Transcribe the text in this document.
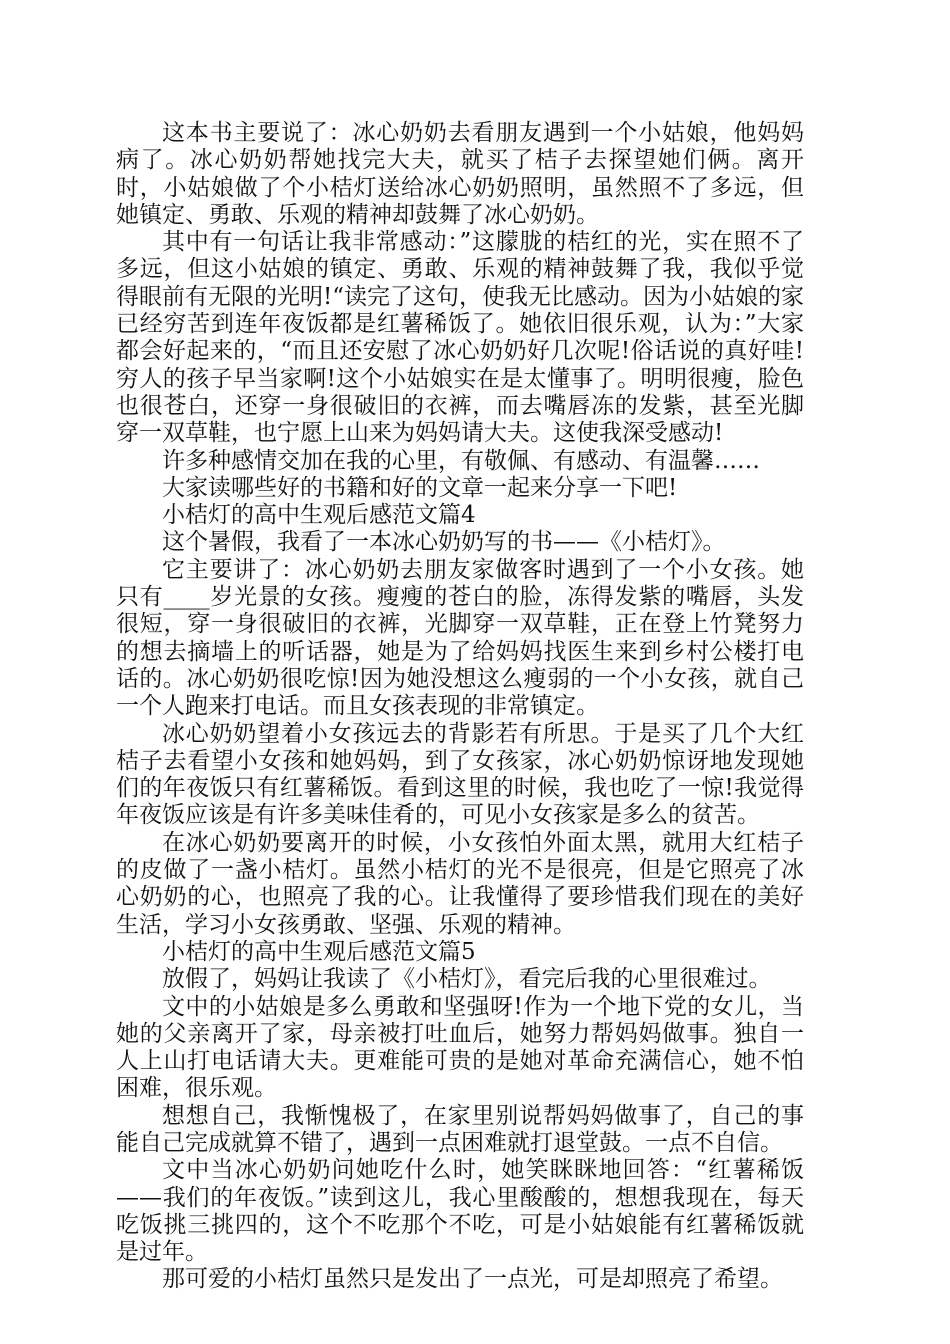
这本书主要说了：冰心奶奶去看朋友遇到一个小姑娘，他妈妈病了。冰心奶奶帮她找完大夫，就买了桔子去探望她们俩。离开时，小姑娘做了个小桔灯送给冰心奶奶照明，虽然照不了多远，但她镇定、勇敢、乐观的精神却鼓舞了冰心奶奶。

其中有一句话让我非常感动：”这朦胧的桔红的光，实在照不了多远，但这小姑娘的镇定、勇敢、乐观的精神鼓舞了我，我似乎觉得眼前有无限的光明!“读完了这句，使我无比感动。因为小姑娘的家已经穷苦到连年夜饭都是红薯稀饭了。她依旧很乐观，认为：”大家都会好起来的，“而且还安慰了冰心奶奶好几次呢!俗话说的真好哇!穷人的孩子早当家啊!这个小姑娘实在是太懂事了。明明很瘦，脸色也很苍白，还穿一身很破旧的衣裤，而去嘴唇冻的发紫，甚至光脚穿一双草鞋，也宁愿上山来为妈妈请大夫。这使我深受感动!

许多种感情交加在我的心里，有敬佩、有感动、有温馨……

大家读哪些好的书籍和好的文章一起来分享一下吧!

小桔灯的高中生观后感范文篇4

这个暑假，我看了一本冰心奶奶写的书——《小桔灯》。

它主要讲了：冰心奶奶去朋友家做客时遇到了一个小女孩。她只有____岁光景的女孩。瘦瘦的苍白的脸，冻得发紫的嘴唇，头发很短，穿一身很破旧的衣裤，光脚穿一双草鞋，正在登上竹凳努力的想去摘墙上的听话器，她是为了给妈妈找医生来到乡村公楼打电话的。冰心奶奶很吃惊!因为她没想这么瘦弱的一个小女孩，就自己一个人跑来打电话。而且女孩表现的非常镇定。

冰心奶奶望着小女孩远去的背影若有所思。于是买了几个大红桔子去看望小女孩和她妈妈，到了女孩家，冰心奶奶惊讶地发现她们的年夜饭只有红薯稀饭。看到这里的时候，我也吃了一惊!我觉得年夜饭应该是有许多美味佳肴的，可见小女孩家是多么的贫苦。

在冰心奶奶要离开的时候，小女孩怕外面太黑，就用大红桔子的皮做了一盏小桔灯。虽然小桔灯的光不是很亮，但是它照亮了冰心奶奶的心，也照亮了我的心。让我懂得了要珍惜我们现在的美好生活，学习小女孩勇敢、坚强、乐观的精神。

小桔灯的高中生观后感范文篇5

放假了，妈妈让我读了《小桔灯》，看完后我的心里很难过。

文中的小姑娘是多么勇敢和坚强呀!作为一个地下党的女儿，当她的父亲离开了家，母亲被打吐血后，她努力帮妈妈做事。独自一人上山打电话请大夫。更难能可贵的是她对革命充满信心，她不怕困难，很乐观。

想想自己，我惭愧极了，在家里别说帮妈妈做事了，自己的事能自己完成就算不错了，遇到一点困难就打退堂鼓。一点不自信。

文中当冰心奶奶问她吃什么时，她笑眯眯地回答：“红薯稀饭——我们的年夜饭。”读到这儿，我心里酸酸的，想想我现在，每天吃饭挑三挑四的，这个不吃那个不吃，可是小姑娘能有红薯稀饭就是过年。

那可爱的小桔灯虽然只是发出了一点光，可是却照亮了希望。
